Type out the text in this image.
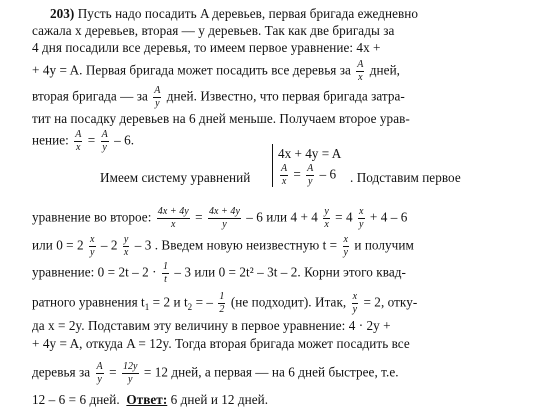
203) Пусть надо посадить A деревьев, первая бригада ежедневно
сажала x деревьев, вторая — y деревьев. Так как две бригады за
4 дня посадили все деревья, то имеем первое уравнение: 4x +
+ 4y = A. Первая бригада может посадить все деревья за $\frac{A}{x}$ дней,
вторая бригада — за $\frac{A}{y}$ дней. Известно, что первая бригада затра-
тит на посадку деревьев на 6 дней меньше. Получаем второе урав-
нение: $\frac{A}{x} = \frac{A}{y} - 6$.
Имеем систему уравнений
4x + 4y = A
$\frac{A}{x} = \frac{A}{y} - 6$	. Подставим первое
уравнение во второе: $\frac{4x + 4y}{x} = \frac{4x + 4y}{y} - 6$ или $4 + 4 \frac{y}{x} = 4 \frac{x}{y} + 4 - 6$
или $0 = 2 \frac{x}{y} - 2 \frac{y}{x} - 3$ . Введем новую неизвестную $t = \frac{x}{y}$ и получим
уравнение: $0 = 2t - 2 \cdot \frac{1}{t} - 3$ или 0 = 2t² – 3t – 2. Корни этого квад-
ратного уравнения $t_1 = 2$ и $t_2$ = – $\frac{1}{2} (не$ подходит). Итак, $\frac{x}{y} = 2$, отку-
да x = 2y. Подставим эту величину в первое уравнение: 4 · 2y +
+ 4y = A, откуда A = 12y. Тогда вторая бригада может посадить все
деревья за $\frac{A}{y} = \frac{12y}{y} = 12$ дней, а первая — на 6 дней быстрее, т.е.
12 – 6 = 6 дней. Ответ: 6 дней и 12 дней.
